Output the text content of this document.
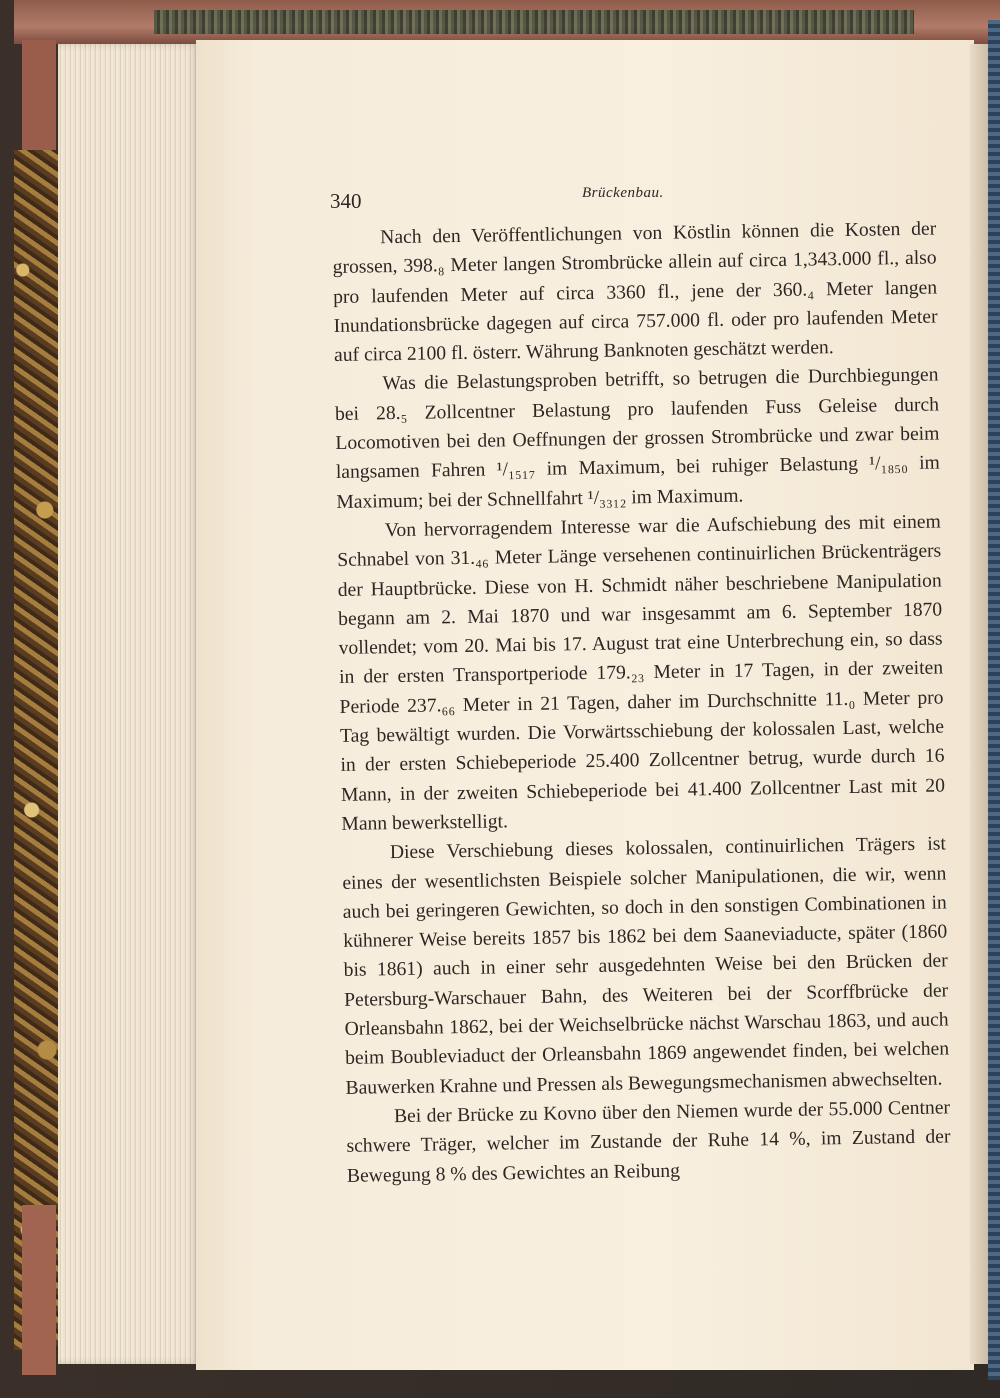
340	Brückenbau.

Nach den Veröffentlichungen von Köstlin können die Kosten der grossen, 398.₈ Meter langen Strombrücke allein auf circa 1,343.000 fl., also pro laufenden Meter auf circa 3360 fl., jene der 360.₄ Meter langen Inundationsbrücke dagegen auf circa 757.000 fl. oder pro laufenden Meter auf circa 2100 fl. österr. Währung Banknoten geschätzt werden.

Was die Belastungsproben betrifft, so betrugen die Durchbiegungen bei 28.₅ Zollcentner Belastung pro laufenden Fuss Geleise durch Locomotiven bei den Oeffnungen der grossen Strombrücke und zwar beim langsamen Fahren ¹/₁₅₁₇ im Maximum, bei ruhiger Belastung ¹/₁₈₅₀ im Maximum; bei der Schnellfahrt ¹/₃₃₁₂ im Maximum.

Von hervorragendem Interesse war die Aufschiebung des mit einem Schnabel von 31.₄₆ Meter Länge versehenen continuirlichen Brückenträgers der Hauptbrücke. Diese von H. Schmidt näher beschriebene Manipulation begann am 2. Mai 1870 und war insgesammt am 6. September 1870 vollendet; vom 20. Mai bis 17. August trat eine Unterbrechung ein, so dass in der ersten Transportperiode 179.₂₃ Meter in 17 Tagen, in der zweiten Periode 237.₆₆ Meter in 21 Tagen, daher im Durchschnitte 11.₀ Meter pro Tag bewältigt wurden. Die Vorwärtsschiebung der kolossalen Last, welche in der ersten Schiebeperiode 25.400 Zollcentner betrug, wurde durch 16 Mann, in der zweiten Schiebeperiode bei 41.400 Zollcentner Last mit 20 Mann bewerkstelligt.

Diese Verschiebung dieses kolossalen, continuirlichen Trägers ist eines der wesentlichsten Beispiele solcher Manipulationen, die wir, wenn auch bei geringeren Gewichten, so doch in den sonstigen Combinationen in kühnerer Weise bereits 1857 bis 1862 bei dem Saaneviaducte, später (1860 bis 1861) auch in einer sehr ausgedehnten Weise bei den Brücken der Petersburg-Warschauer Bahn, des Weiteren bei der Scorffbrücke der Orleansbahn 1862, bei der Weichselbrücke nächst Warschau 1863, und auch beim Boubleviaduct der Orleansbahn 1869 angewendet finden, bei welchen Bauwerken Krahne und Pressen als Bewegungsmechanismen abwechselten.

Bei der Brücke zu Kovno über den Niemen wurde der 55.000 Centner schwere Träger, welcher im Zustande der Ruhe 14 %, im Zustand der Bewegung 8 % des Gewichtes an Reibung
